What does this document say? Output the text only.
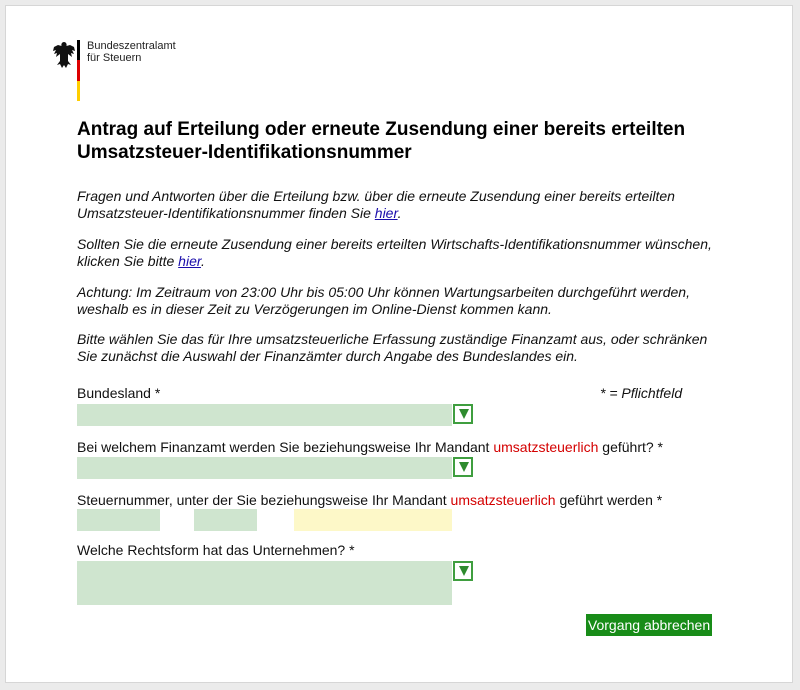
Bundeszentralamt
für Steuern
Antrag auf Erteilung oder erneute Zusendung einer bereits erteilten Umsatzsteuer-Identifikationsnummer

Fragen und Antworten über die Erteilung bzw. über die erneute Zusendung einer bereits erteilten Umsatzsteuer-Identifikationsnummer finden Sie hier.

Sollten Sie die erneute Zusendung einer bereits erteilten Wirtschafts-Identifikationsnummer wünschen, klicken Sie bitte hier.

Achtung: Im Zeitraum von 23:00 Uhr bis 05:00 Uhr können Wartungsarbeiten durchgeführt werden, weshalb es in dieser Zeit zu Verzögerungen im Online-Dienst kommen kann.

Bitte wählen Sie das für Ihre umsatzsteuerliche Erfassung zuständige Finanzamt aus, oder schränken Sie zunächst die Auswahl der Finanzämter durch Angabe des Bundeslandes ein.

Bundesland *	* = Pflichtfeld
Bei welchem Finanzamt werden Sie beziehungsweise Ihr Mandant umsatzsteuerlich geführt? *
Steuernummer, unter der Sie beziehungsweise Ihr Mandant umsatzsteuerlich geführt werden *
Welche Rechtsform hat das Unternehmen? *
Vorgang abbrechen
